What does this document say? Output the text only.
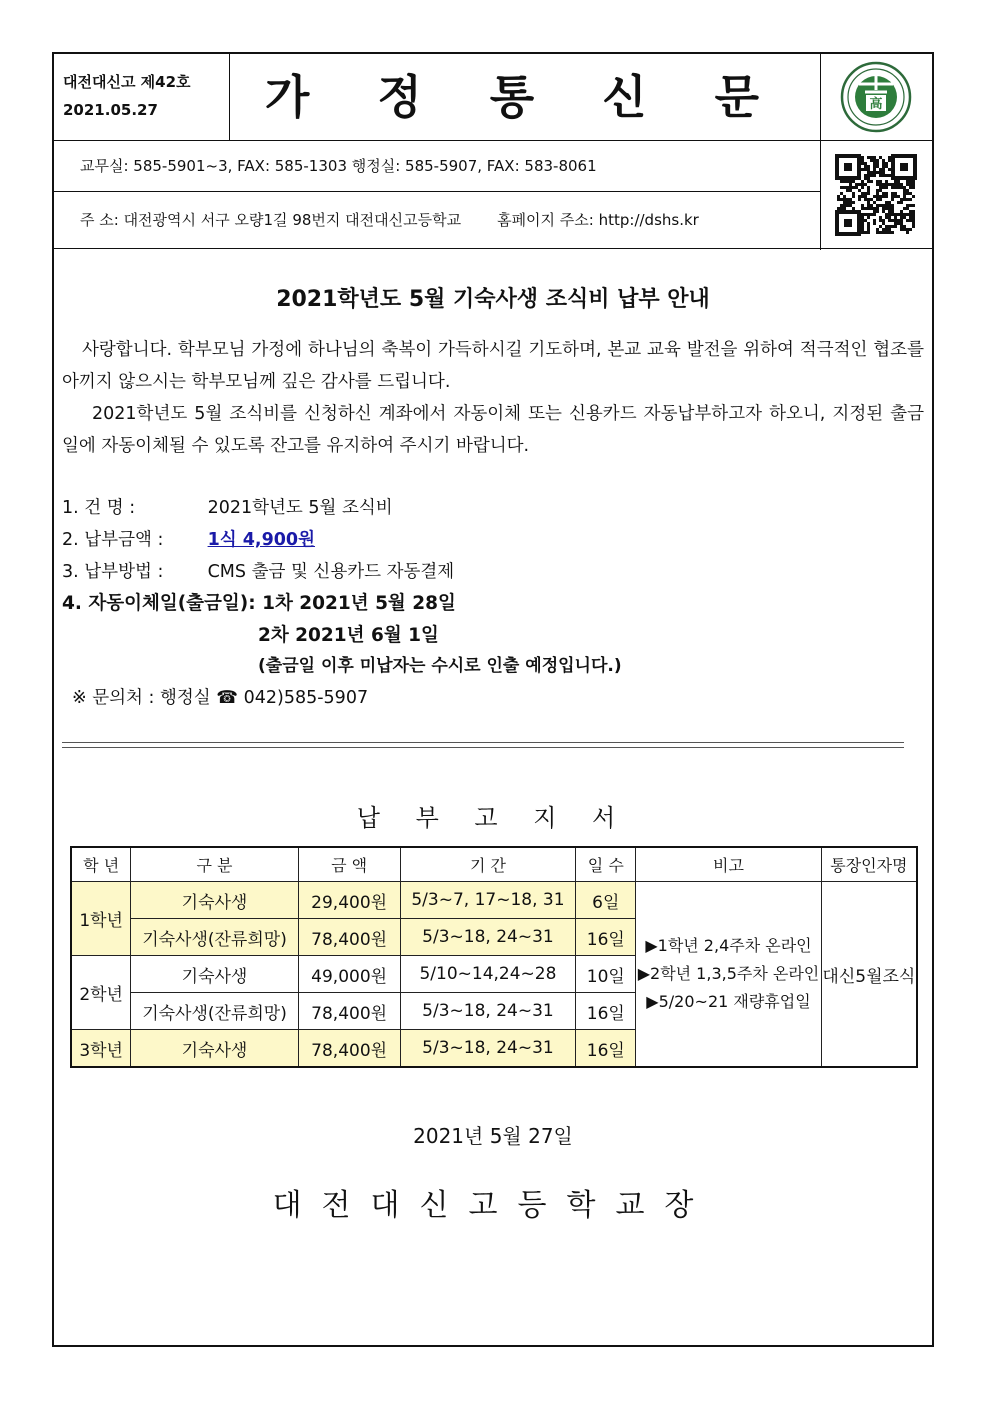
대전대신고 제42호
2021.05.27	가 정 통 신 문	高

교무실: 585-5901~3, FAX: 585-1303 행정실: 585-5907, FAX: 583-8061
주 소: 대전광역시 서구 오량1길 98번지 대전대신고등학교 홈페이지 주소: http://dshs.kr
2021학년도 5월 기숙사생 조식비 납부 안내
사랑합니다. 학부모님 가정에 하나님의 축복이 가득하시길 기도하며, 본교 교육 발전을 위하여 적극적인 협조를 아끼지 않으시는 학부모님께 깊은 감사를 드립니다.
2021학년도 5월 조식비를 신청하신 계좌에서 자동이체 또는 신용카드 자동납부하고자 하오니, 지정된 출금일에 자동이체될 수 있도록 잔고를 유지하여 주시기 바랍니다.
1. 건 명 :	2021학년도 5월 조식비
2. 납부금액 :	1식 4,900원
3. 납부방법 :	CMS 출금 및 신용카드 자동결제
4. 자동이체일(출금일): 1차 2021년 5월 28일
2차 2021년 6월 1일
(출금일 이후 미납자는 수시로 인출 예정입니다.)
※ 문의처 : 행정실 ☎ 042)585-5907
납 부 고 지 서
학 년	구 분	금 액	기 간	일 수	비고	통장인자명
1학년	기숙사생	29,400원	5/3~7, 17~18, 31	6일	▶1학년 2,4주차 온라인
▶2학년 1,3,5주차 온라인
▶5/20~21 재량휴업일	대신5월조식
	기숙사생(잔류희망)	78,400원	5/3~18, 24~31	16일		
2학년	기숙사생	49,000원	5/10~14,24~28	10일		
	기숙사생(잔류희망)	78,400원	5/3~18, 24~31	16일		
3학년	기숙사생	78,400원	5/3~18, 24~31	16일		
2021년 5월 27일
대전대신고등학교장
